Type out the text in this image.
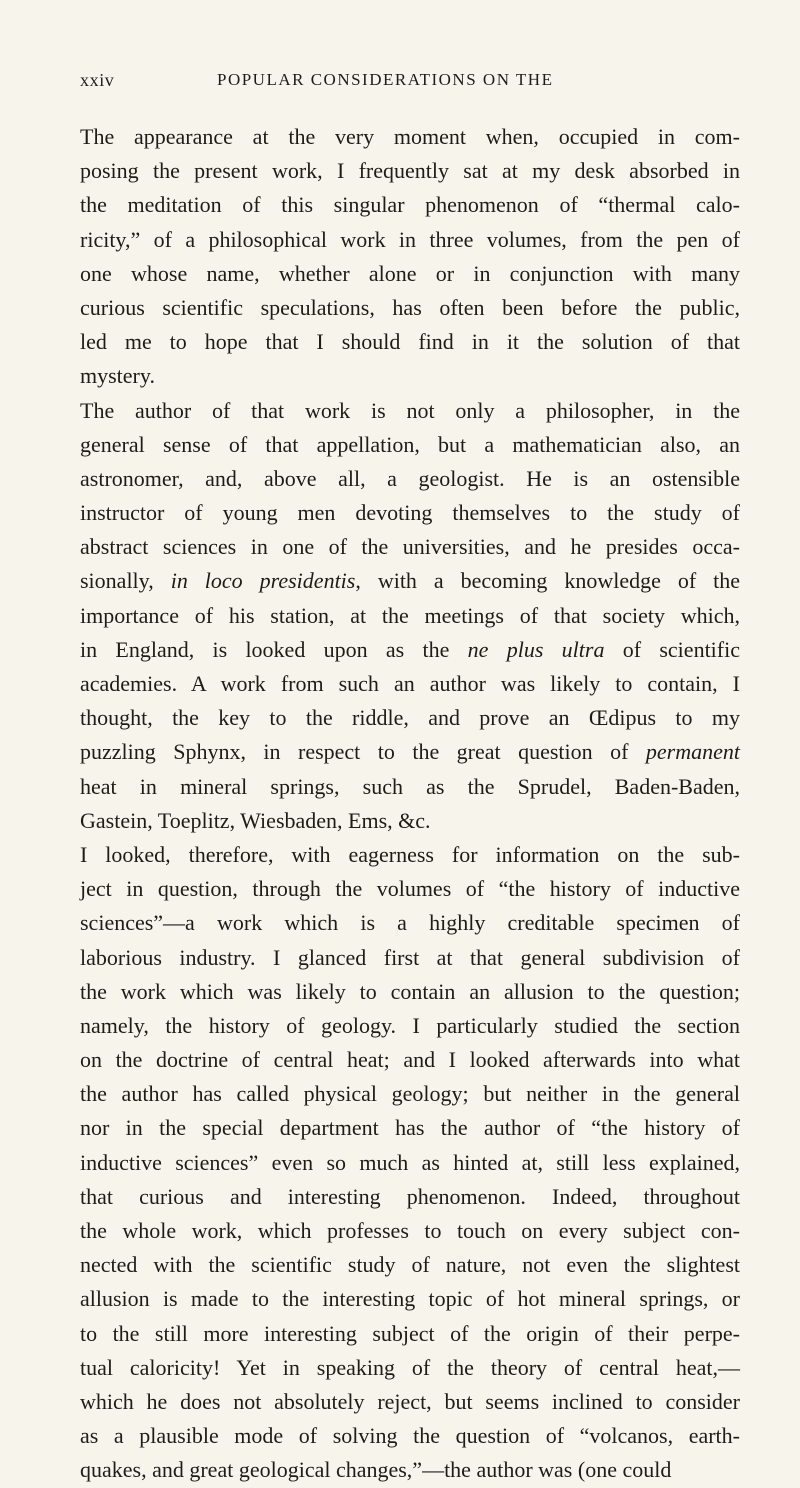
xxiv	POPULAR CONSIDERATIONS ON THE
The appearance at the very moment when, occupied in com-
posing the present work, I frequently sat at my desk absorbed in
the meditation of this singular phenomenon of “thermal calo-
ricity,” of a philosophical work in three volumes, from the pen of
one whose name, whether alone or in conjunction with many
curious scientific speculations, has often been before the public,
led me to hope that I should find in it the solution of that
mystery.
The author of that work is not only a philosopher, in the
general sense of that appellation, but a mathematician also, an
astronomer, and, above all, a geologist. He is an ostensible
instructor of young men devoting themselves to the study of
abstract sciences in one of the universities, and he presides occa-
sionally, in loco presidentis, with a becoming knowledge of the
importance of his station, at the meetings of that society which,
in England, is looked upon as the ne plus ultra of scientific
academies. A work from such an author was likely to contain, I
thought, the key to the riddle, and prove an Œdipus to my
puzzling Sphynx, in respect to the great question of permanent
heat in mineral springs, such as the Sprudel, Baden-Baden,
Gastein, Toeplitz, Wiesbaden, Ems, &c.
I looked, therefore, with eagerness for information on the sub-
ject in question, through the volumes of “the history of inductive
sciences”—a work which is a highly creditable specimen of
laborious industry. I glanced first at that general subdivision of
the work which was likely to contain an allusion to the question;
namely, the history of geology. I particularly studied the section
on the doctrine of central heat; and I looked afterwards into what
the author has called physical geology; but neither in the general
nor in the special department has the author of “the history of
inductive sciences” even so much as hinted at, still less explained,
that curious and interesting phenomenon. Indeed, throughout
the whole work, which professes to touch on every subject con-
nected with the scientific study of nature, not even the slightest
allusion is made to the interesting topic of hot mineral springs, or
to the still more interesting subject of the origin of their perpe-
tual caloricity! Yet in speaking of the theory of central heat,—
which he does not absolutely reject, but seems inclined to consider
as a plausible mode of solving the question of “volcanos, earth-
quakes, and great geological changes,”—the author was (one could
